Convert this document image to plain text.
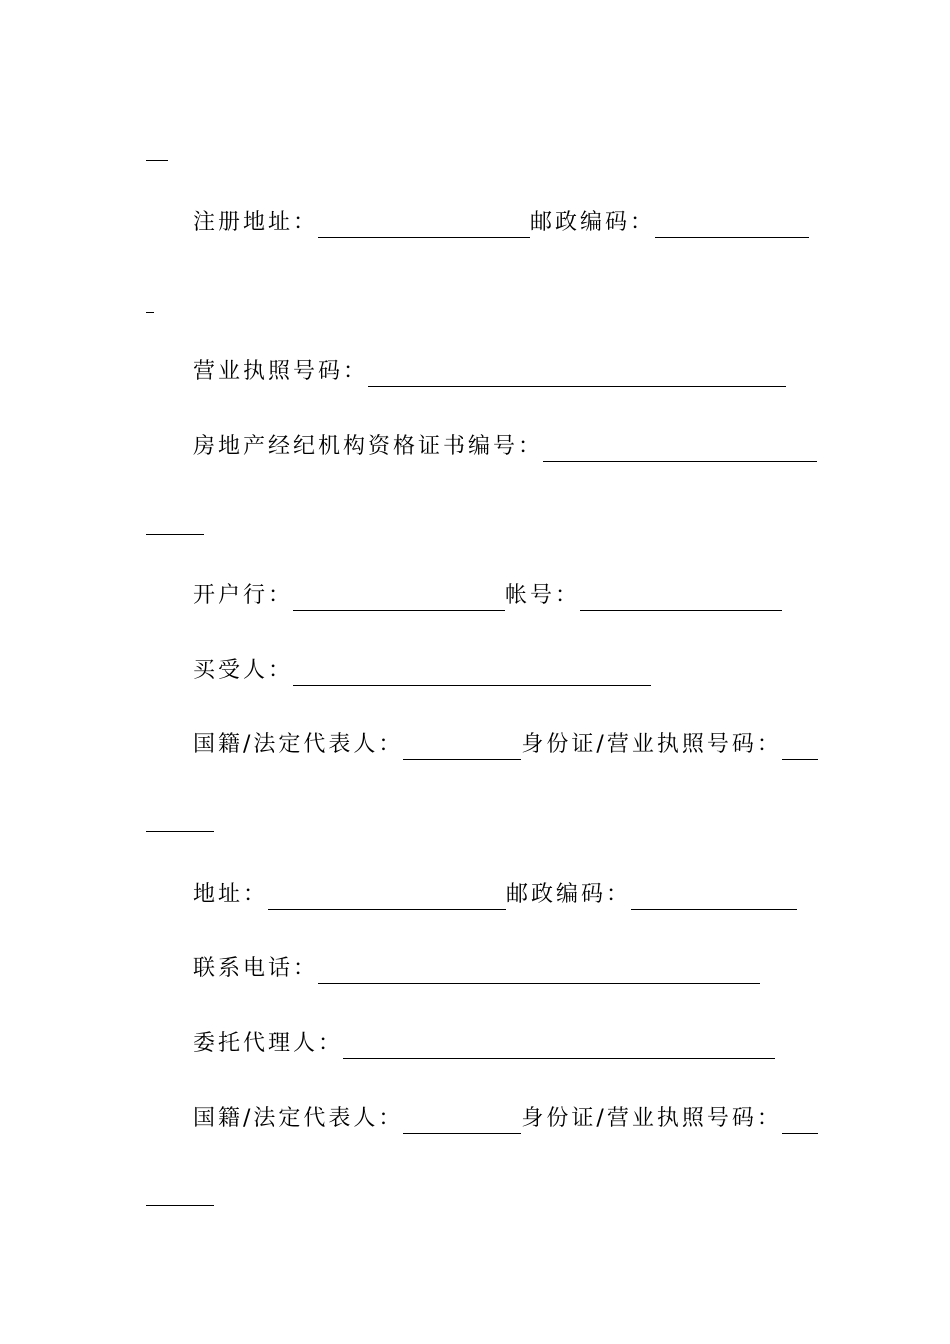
注册地址：	邮政编码：
营业执照号码：
房地产经纪机构资格证书编号：
开户行：	帐号：
买受人：
国籍/法定代表人：	身份证/营业执照号码：
地址：	邮政编码：
联系电话：
委托代理人：
国籍/法定代表人：	身份证/营业执照号码：
